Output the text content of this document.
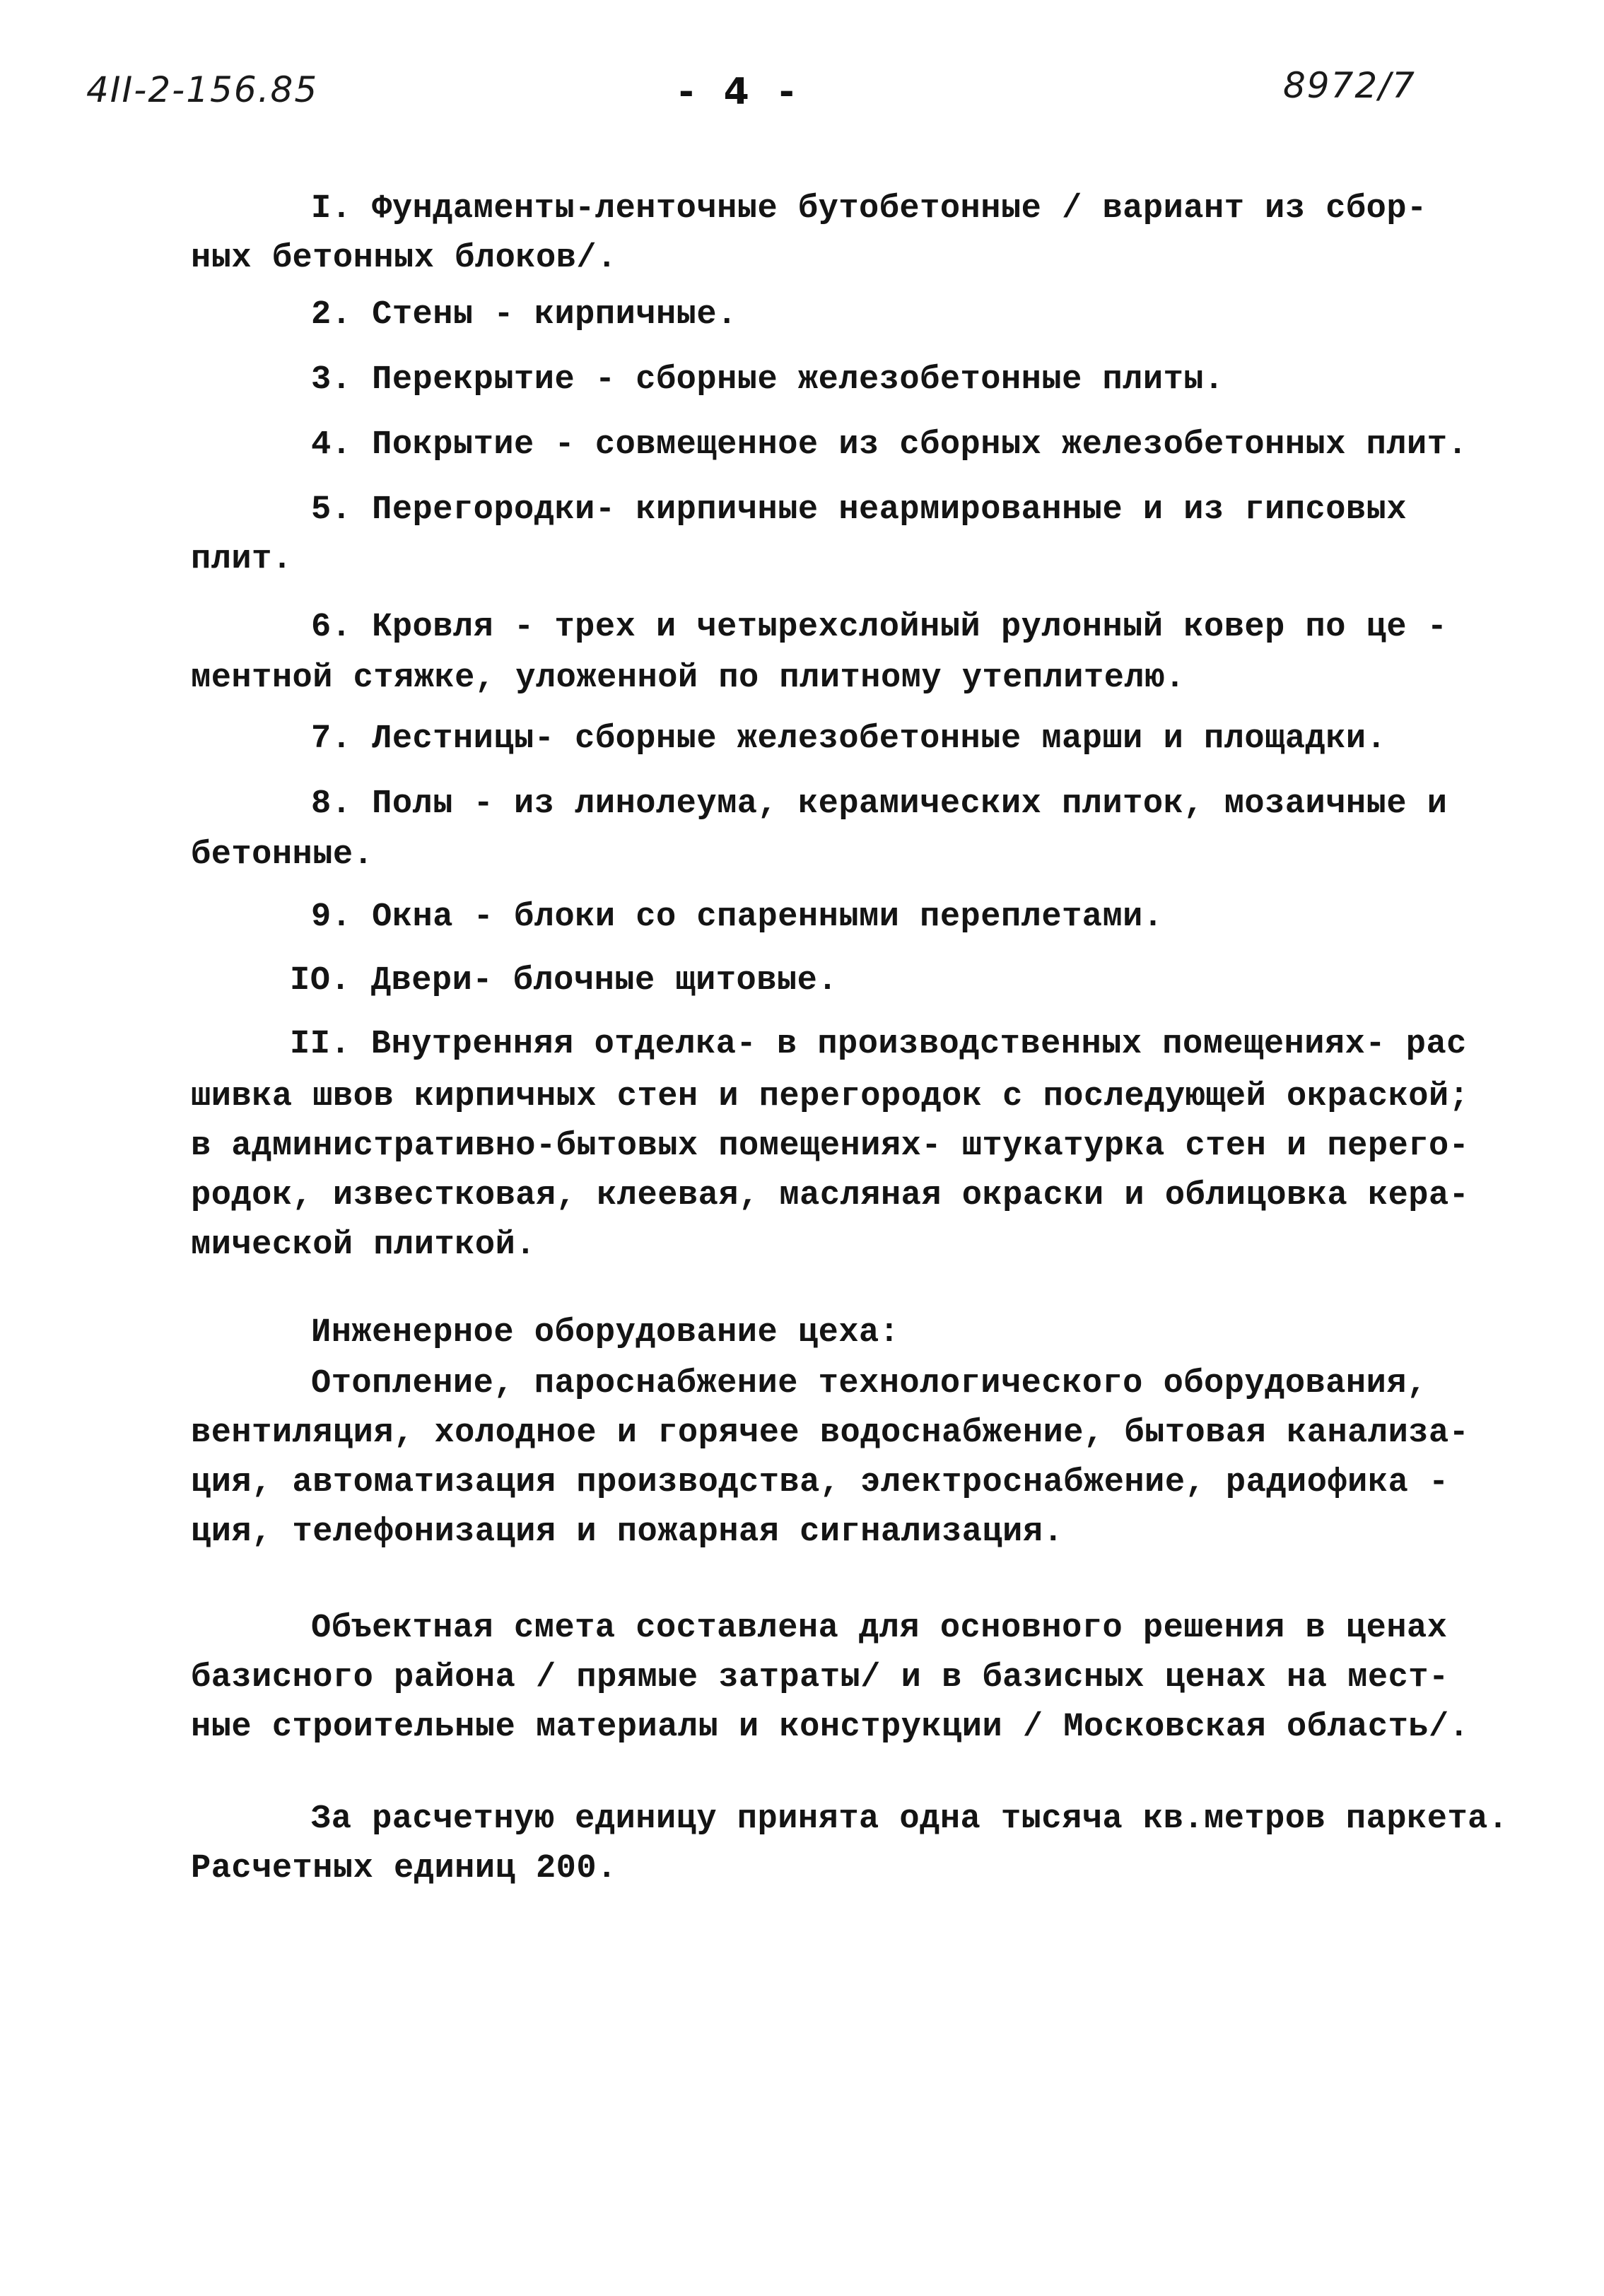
4II-2-156.85	- 4 -	8972/7
I. Фундаменты-ленточные бутобетонные / вариант из сбор-
ных бетонных блоков/.
2. Стены - кирпичные.
3. Перекрытие - сборные железобетонные плиты.
4. Покрытие - совмещенное из сборных железобетонных плит.
5. Перегородки- кирпичные неармированные и из гипсовых
плит.
6. Кровля - трех и четырехслойный рулонный ковер по це -
ментной стяжке, уложенной по плитному утеплителю.
7. Лестницы- сборные железобетонные марши и площадки.
8. Полы - из линолеума, керамических плиток, мозаичные и
бетонные.
9. Окна - блоки со спаренными переплетами.
IO. Двери- блочные щитовые.
II. Внутренняя отделка- в производственных помещениях- рас
шивка швов кирпичных стен и перегородок с последующей окраской;
в административно-бытовых помещениях- штукатурка стен и перего-
родок, известковая, клеевая, масляная окраски и облицовка кера-
мической плиткой.
Инженерное оборудование цеха:
Отопление, пароснабжение технологического оборудования,
вентиляция, холодное и горячее водоснабжение, бытовая канализа-
ция, автоматизация производства, электроснабжение, радиофика -
ция, телефонизация и пожарная сигнализация.
Объектная смета составлена для основного решения в ценах
базисного района / прямые затраты/ и в базисных ценах на мест-
ные строительные материалы и конструкции / Московская область/.
За расчетную единицу принята одна тысяча кв.метров паркета.
Расчетных единиц 200.
